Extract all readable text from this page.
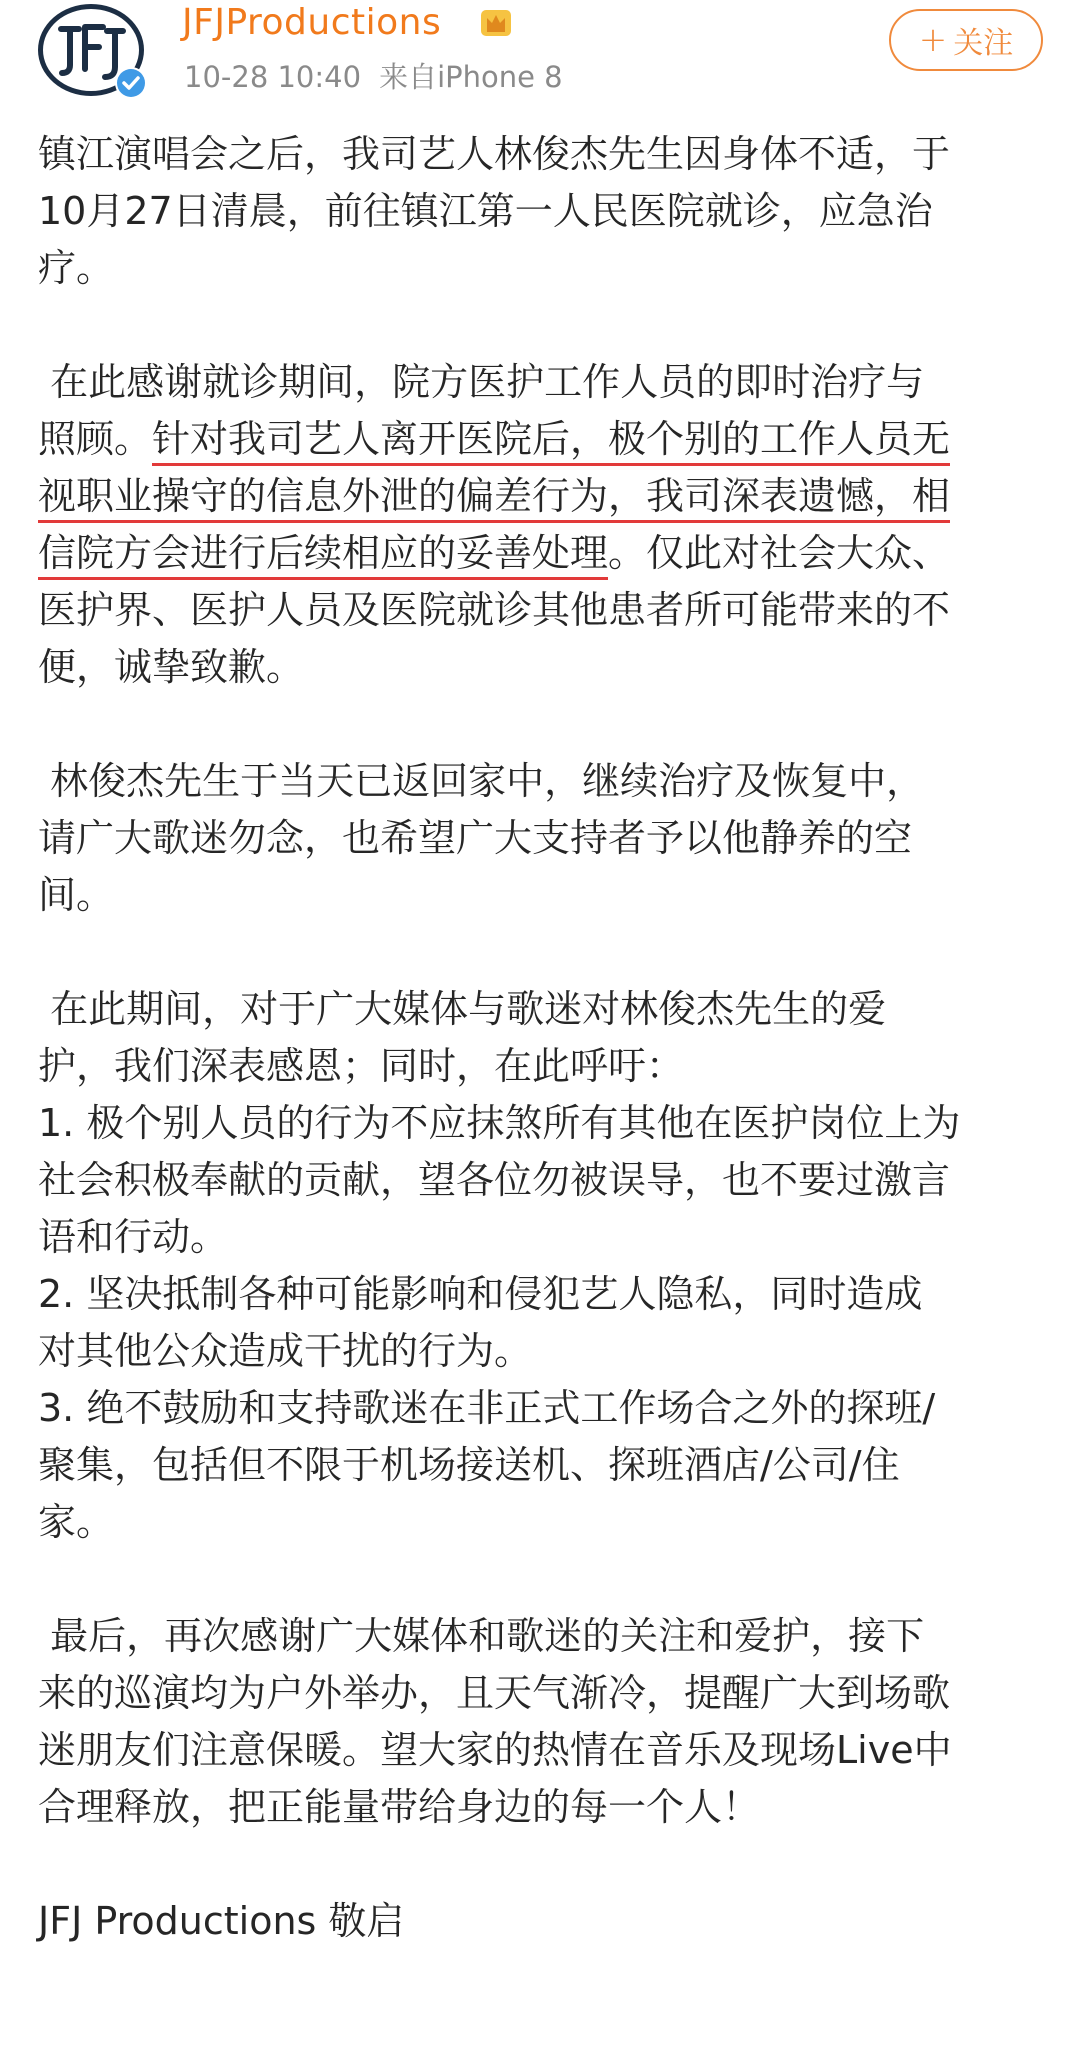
JFJProductions
10-28 10:40 来自iPhone 8
+ 关注
镇江演唱会之后，我司艺人林俊杰先生因身体不适，于
10月27日清晨，前往镇江第一人民医院就诊，应急治
疗。
在此感谢就诊期间，院方医护工作人员的即时治疗与
照顾。针对我司艺人离开医院后，极个别的工作人员无
视职业操守的信息外泄的偏差行为，我司深表遗憾，相
信院方会进行后续相应的妥善处理。仅此对社会大众、
医护界、医护人员及医院就诊其他患者所可能带来的不
便，诚挚致歉。
林俊杰先生于当天已返回家中，继续治疗及恢复中，
请广大歌迷勿念，也希望广大支持者予以他静养的空
间。
在此期间，对于广大媒体与歌迷对林俊杰先生的爱
护，我们深表感恩；同时，在此呼吁：
1. 极个别人员的行为不应抹煞所有其他在医护岗位上为
社会积极奉献的贡献，望各位勿被误导，也不要过激言
语和行动。
2. 坚决抵制各种可能影响和侵犯艺人隐私，同时造成
对其他公众造成干扰的行为。
3. 绝不鼓励和支持歌迷在非正式工作场合之外的探班/
聚集，包括但不限于机场接送机、探班酒店/公司/住
家。
最后，再次感谢广大媒体和歌迷的关注和爱护，接下
来的巡演均为户外举办，且天气渐冷，提醒广大到场歌
迷朋友们注意保暖。望大家的热情在音乐及现场Live中
合理释放，把正能量带给身边的每一个人！
JFJ Productions 敬启
